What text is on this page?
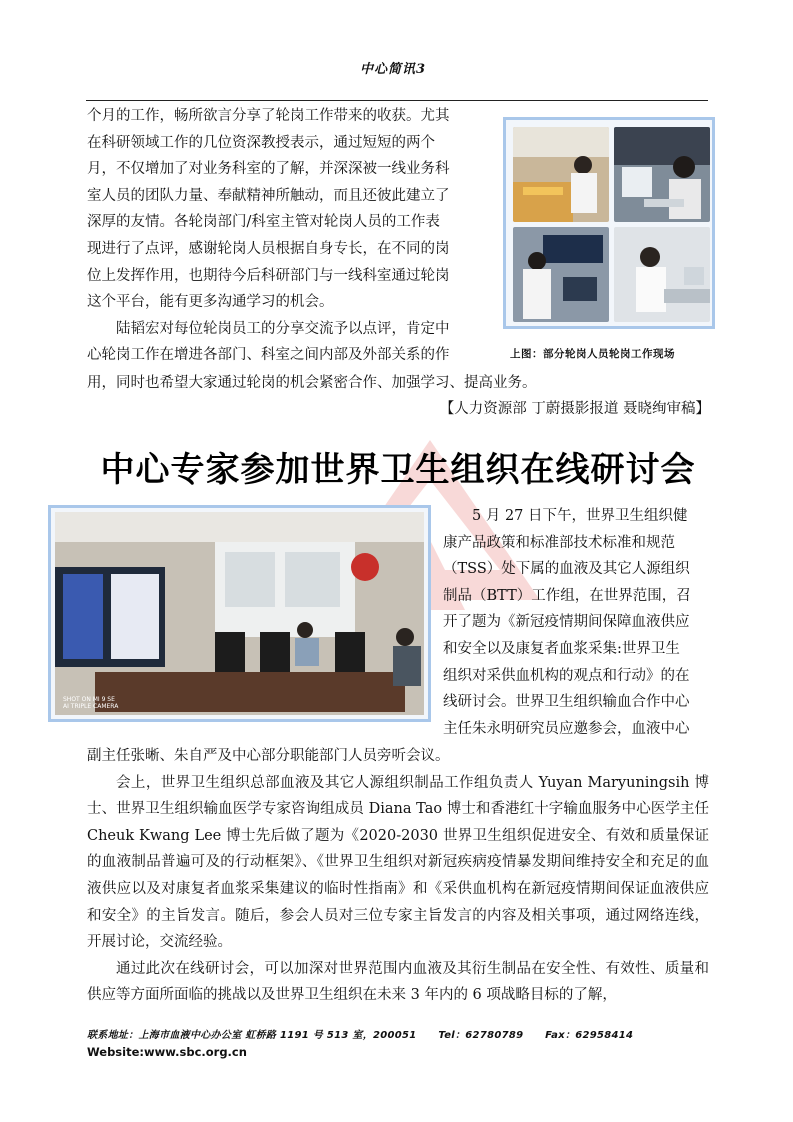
中心简讯3
个月的工作，畅所欲言分享了轮岗工作带来的收获。尤其
在科研领域工作的几位资深教授表示，通过短短的两个
月，不仅增加了对业务科室的了解，并深深被一线业务科
室人员的团队力量、奉献精神所触动，而且还彼此建立了
深厚的友情。各轮岗部门/科室主管对轮岗人员的工作表
现进行了点评，感谢轮岗人员根据自身专长，在不同的岗
位上发挥作用，也期待今后科研部门与一线科室通过轮岗
这个平台，能有更多沟通学习的机会。
陆韬宏对每位轮岗员工的分享交流予以点评，肯定中
心轮岗工作在增进各部门、科室之间内部及外部关系的作	上图：部分轮岗人员轮岗工作现场
用，同时也希望大家通过轮岗的机会紧密合作、加强学习、提高业务。
【人力资源部 丁蔚摄影报道 聂晓绚审稿】
中心专家参加世界卫生组织在线研讨会
SHOT ON MI 9 SE
AI TRIPLE CAMERA
5 月 27 日下午，世界卫生组织健
康产品政策和标准部技术标准和规范
（TSS）处下属的血液及其它人源组织
制品（BTT）工作组，在世界范围，召
开了题为《新冠疫情期间保障血液供应
和安全以及康复者血浆采集:世界卫生
组织对采供血机构的观点和行动》的在
线研讨会。世界卫生组织输血合作中心
主任朱永明研究员应邀参会，血液中心

副主任张晰、朱自严及中心部分职能部门人员旁听会议。

会上，世界卫生组织总部血液及其它人源组织制品工作组负责人 Yuyan Maryuningsih 博士、世界卫生组织输血医学专家咨询组成员 Diana Tao 博士和香港红十字输血服务中心医学主任 Cheuk Kwang Lee 博士先后做了题为《2020-2030 世界卫生组织促进安全、有效和质量保证的血液制品普遍可及的行动框架》、《世界卫生组织对新冠疾病疫情暴发期间维持安全和充足的血液供应以及对康复者血浆采集建议的临时性指南》和《采供血机构在新冠疫情期间保证血液供应和安全》的主旨发言。随后，参会人员对三位专家主旨发言的内容及相关事项，通过网络连线，开展讨论，交流经验。

通过此次在线研讨会，可以加深对世界范围内血液及其衍生制品在安全性、有效性、质量和供应等方面所面临的挑战以及世界卫生组织在未来 3 年内的 6 项战略目标的了解，

联系地址：上海市血液中心办公室 虹桥路 1191 号 513 室，200051 Tel：62780789 Fax：62958414
Website:www.sbc.org.cn
